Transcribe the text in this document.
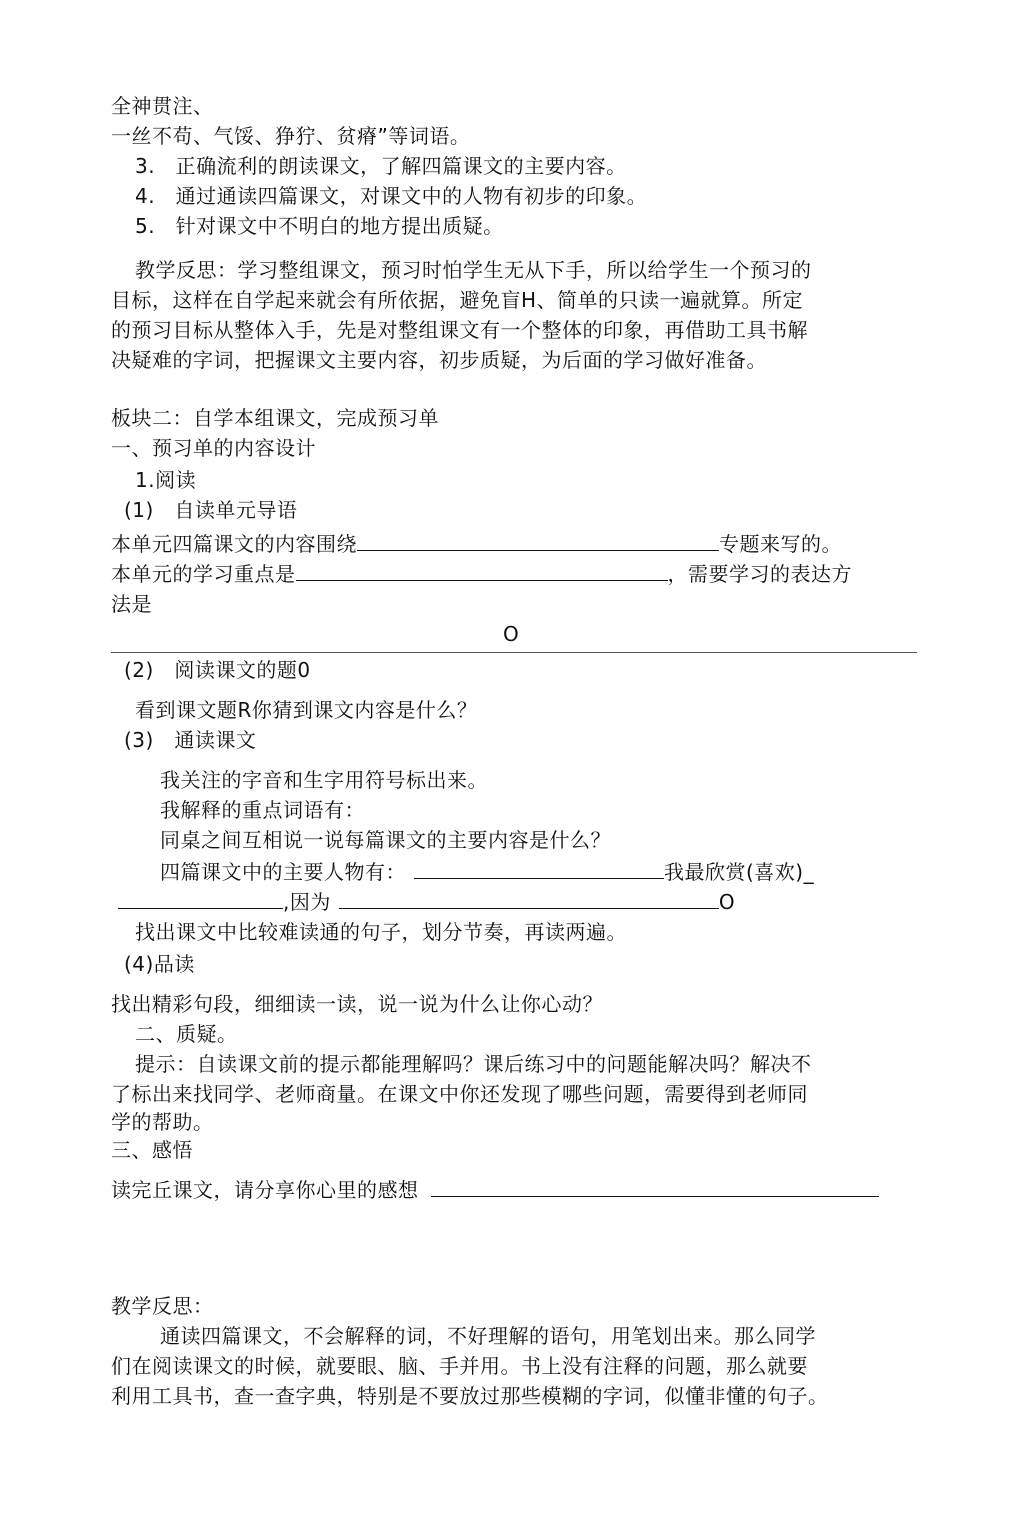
全神贯注、
一丝不苟、气馁、狰狞、贫瘠”等词语。
3.　正确流利的朗读课文，了解四篇课文的主要内容。
4.　通过通读四篇课文，对课文中的人物有初步的印象。
5.　针对课文中不明白的地方提出质疑。
教学反思：学习整组课文，预习时怕学生无从下手，所以给学生一个预习的
目标，这样在自学起来就会有所依据，避免盲H、简单的只读一遍就算。所定
的预习目标从整体入手，先是对整组课文有一个整体的印象，再借助工具书解
决疑难的字词，把握课文主要内容，初步质疑，为后面的学习做好准备。
板块二：自学本组课文，完成预习单
一、预习单的内容设计
1.阅读
(1)　自读单元导语
本单元四篇课文的内容围绕	专题来写的。
本单元的学习重点是	，需要学习的表达方
法是
O
(2)　阅读课文的题0
看到课文题R你猜到课文内容是什么？
(3)　通读课文
我关注的字音和生字用符号标出来。
我解释的重点词语有：
同桌之间互相说一说每篇课文的主要内容是什么？
四篇课文中的主要人物有：	我最欣赏(喜欢)_
,因为	O
找出课文中比较难读通的句子，划分节奏，再读两遍。
(4)品读
找出精彩句段，细细读一读，说一说为什么让你心动？
二、质疑。
提示：自读课文前的提示都能理解吗？课后练习中的问题能解决吗？解决不
了标出来找同学、老师商量。在课文中你还发现了哪些问题，需要得到老师同
学的帮助。
三、感悟
读完丘课文，请分享你心里的感想
教学反思：
通读四篇课文，不会解释的词，不好理解的语句，用笔划出来。那么同学
们在阅读课文的时候，就要眼、脑、手并用。书上没有注释的问题，那么就要
利用工具书，查一查字典，特别是不要放过那些模糊的字词，似懂非懂的句子。
